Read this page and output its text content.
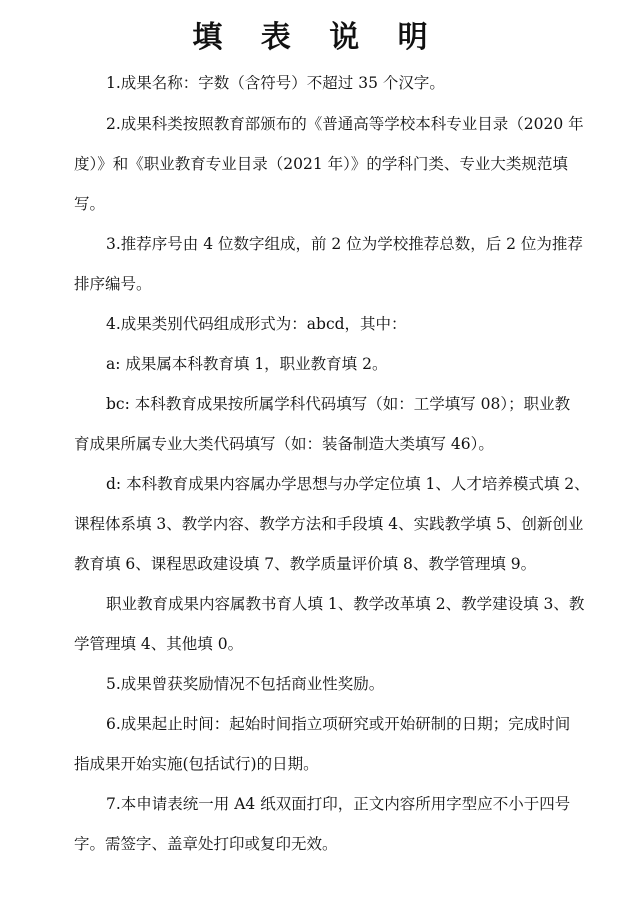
填 表 说 明
1.成果名称：字数（含符号）不超过 35 个汉字。
2.成果科类按照教育部颁布的《普通高等学校本科专业目录（2020 年
度）》和《职业教育专业目录（2021 年）》的学科门类、专业大类规范填
写。
3.推荐序号由 4 位数字组成，前 2 位为学校推荐总数，后 2 位为推荐
排序编号。
4.成果类别代码组成形式为：abcd，其中：
a: 成果属本科教育填 1，职业教育填 2。
bc: 本科教育成果按所属学科代码填写（如：工学填写 08）；职业教
育成果所属专业大类代码填写（如：装备制造大类填写 46）。
d: 本科教育成果内容属办学思想与办学定位填 1、人才培养模式填 2、
课程体系填 3、教学内容、教学方法和手段填 4、实践教学填 5、创新创业
教育填 6、课程思政建设填 7、教学质量评价填 8、教学管理填 9。
职业教育成果内容属教书育人填 1、教学改革填 2、教学建设填 3、教
学管理填 4、其他填 0。
5.成果曾获奖励情况不包括商业性奖励。
6.成果起止时间：起始时间指立项研究或开始研制的日期；完成时间
指成果开始实施(包括试行)的日期。
7.本申请表统一用 A4 纸双面打印，正文内容所用字型应不小于四号
字。需签字、盖章处打印或复印无效。
